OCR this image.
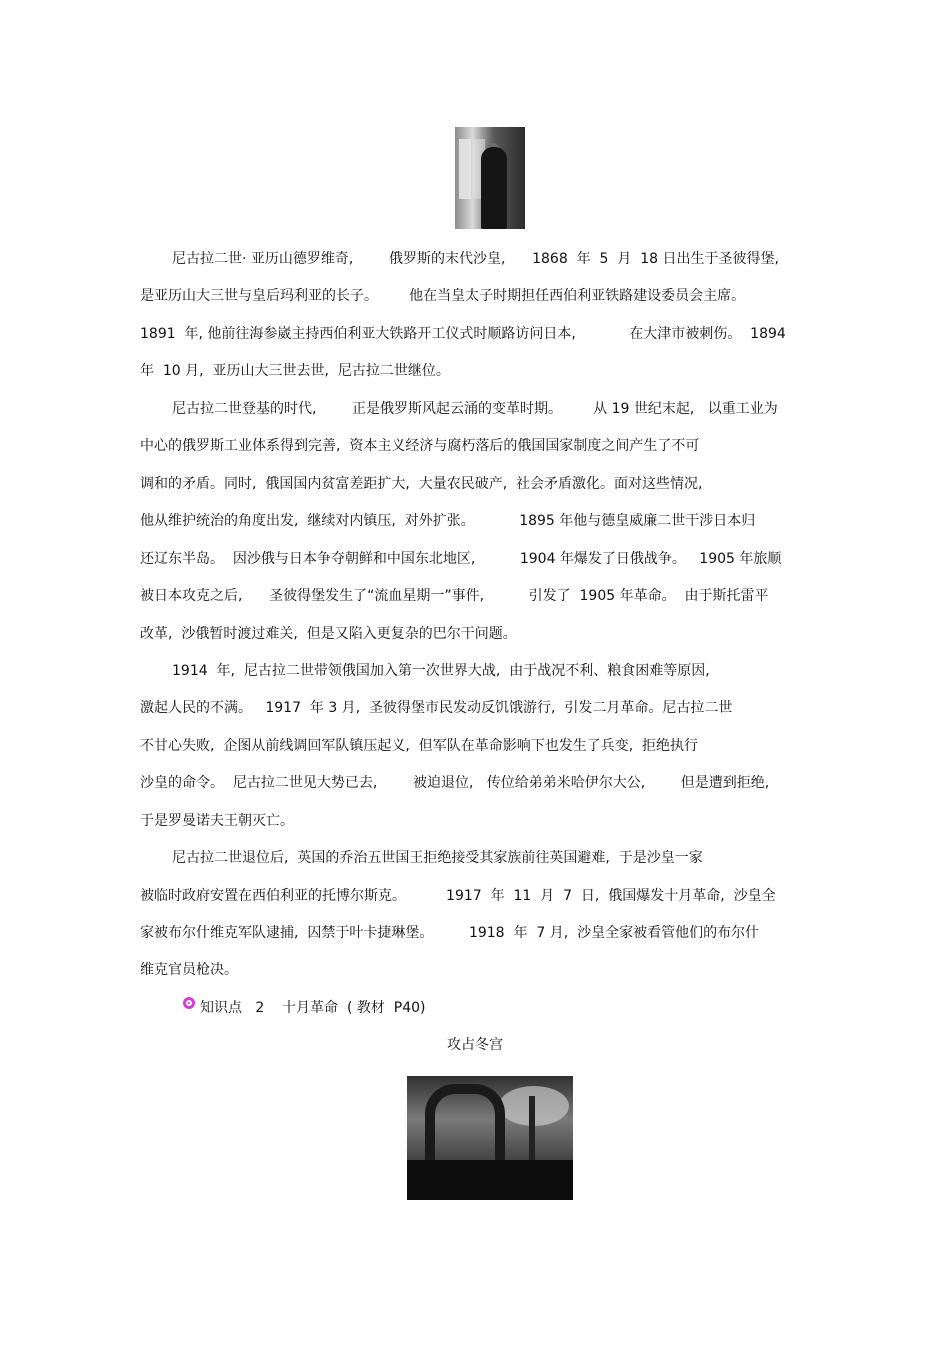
尼古拉二世· 亚历山德罗维奇,        俄罗斯的末代沙皇,      1868  年  5  月  18 日出生于圣彼得堡,
是亚历山大三世与皇后玛利亚的长子。       他在当皇太子时期担任西伯利亚铁路建设委员会主席。
1891  年, 他前往海参崴主持西伯利亚大铁路开工仪式时顺路访问日本,            在大津市被刺伤。  1894
年  10 月,  亚历山大三世去世,  尼古拉二世继位。
尼古拉二世登基的时代,        正是俄罗斯风起云涌的变革时期。       从 19 世纪末起,   以重工业为
中心的俄罗斯工业体系得到完善,  资本主义经济与腐朽落后的俄国国家制度之间产生了不可
调和的矛盾。同时,  俄国国内贫富差距扩大,  大量农民破产,  社会矛盾激化。面对这些情况,
他从维护统治的角度出发,  继续对内镇压,  对外扩张。          1895 年他与德皇威廉二世干涉日本归
还辽东半岛。  因沙俄与日本争夺朝鲜和中国东北地区,          1904 年爆发了日俄战争。   1905 年旅顺
被日本攻克之后,      圣彼得堡发生了“流血星期一”事件,          引发了  1905 年革命。  由于斯托雷平
改革,  沙俄暂时渡过难关,  但是又陷入更复杂的巴尔干问题。
1914  年,  尼古拉二世带领俄国加入第一次世界大战,  由于战况不利、粮食困难等原因,
激起人民的不满。   1917  年 3 月,  圣彼得堡市民发动反饥饿游行,  引发二月革命。尼古拉二世
不甘心失败,  企图从前线调回军队镇压起义,  但军队在革命影响下也发生了兵变,  拒绝执行
沙皇的命令。  尼古拉二世见大势已去,        被迫退位,   传位给弟弟米哈伊尔大公,        但是遭到拒绝,
于是罗曼诺夫王朝灭亡。
尼古拉二世退位后,  英国的乔治五世国王拒绝接受其家族前往英国避难,  于是沙皇一家
被临时政府安置在西伯利亚的托博尔斯克。         1917  年  11  月  7  日,  俄国爆发十月革命,  沙皇全
家被布尔什维克军队逮捕,  囚禁于叶卡捷琳堡。        1918  年  7 月,  沙皇全家被看管他们的布尔什
维克官员枪决。
知识点   2    十月革命  ( 教材  P40)
攻占冬宫
